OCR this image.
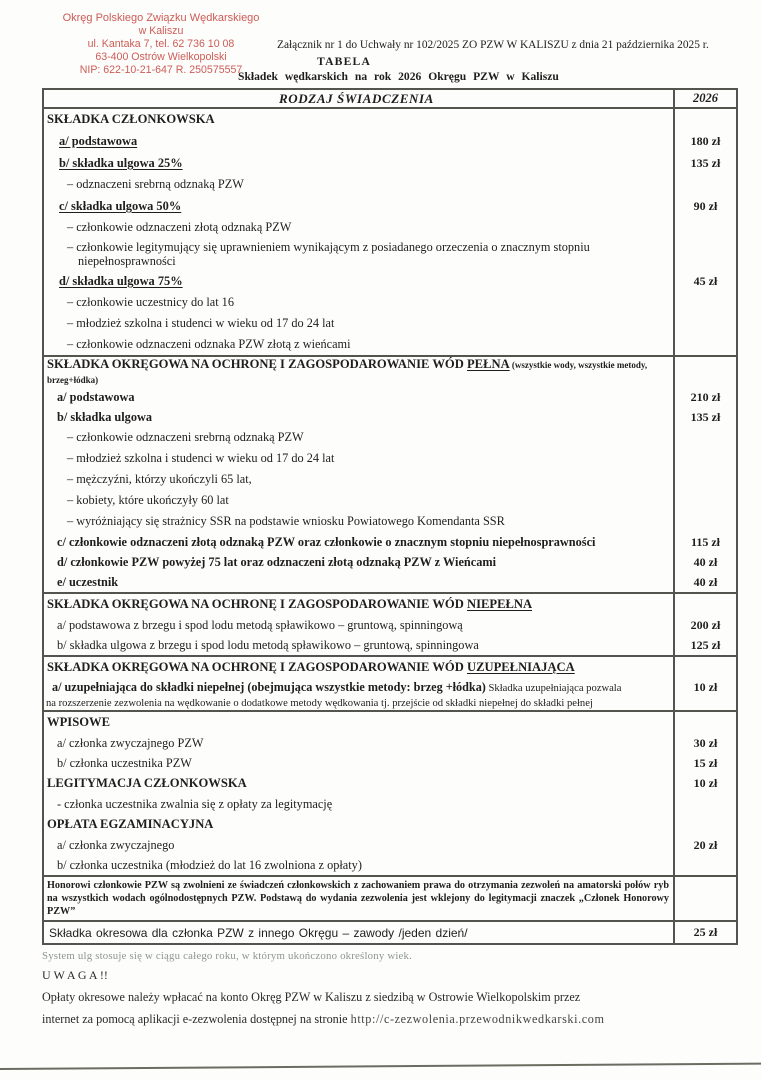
Okręg Polskiego Związku Wędkarskiego
w Kaliszu
ul. Kantaka 7, tel. 62 736 10 08
63-400 Ostrów Wielkopolski
NIP: 622-10-21-647 R. 250575557
Załącznik nr 1 do Uchwały nr 102/2025 ZO PZW W KALISZU z dnia 21 października 2025 r.
TABELA
Składek wędkarskich na rok 2026 Okręgu PZW w Kaliszu
RODZAJ ŚWIADCZENIA	2026
SKŁADKA CZŁONKOWSKA
a/ podstawowa	180 zł
b/ składka ulgowa 25%	135 zł
– odznaczeni srebrną odznaką PZW
c/ składka ulgowa 50%	90 zł
– członkowie odznaczeni złotą odznaką PZW
– członkowie legitymujący się uprawnieniem wynikającym z posiadanego orzeczenia o znacznym stopniu niepełnosprawności
d/ składka ulgowa 75%	45 zł
– członkowie uczestnicy do lat 16
– młodzież szkolna i studenci w wieku od 17 do 24 lat
– członkowie odznaczeni odznaka PZW złotą z wieńcami
SKŁADKA OKRĘGOWA NA OCHRONĘ I ZAGOSPODAROWANIE WÓD PEŁNA (wszystkie wody, wszystkie metody, brzeg+łódka)
a/ podstawowa	210 zł
b/ składka ulgowa	135 zł
– członkowie odznaczeni srebrną odznaką PZW
– młodzież szkolna i studenci w wieku od 17 do 24 lat
– mężczyźni, którzy ukończyli 65 lat,
– kobiety, które ukończyły 60 lat
– wyróżniający się strażnicy SSR na podstawie wniosku Powiatowego Komendanta SSR
c/ członkowie odznaczeni złotą odznaką PZW oraz członkowie o znacznym stopniu niepełnosprawności	115 zł
d/ członkowie PZW powyżej 75 lat oraz odznaczeni złotą odznaką PZW z Wieńcami	40 zł
e/ uczestnik	40 zł
SKŁADKA OKRĘGOWA NA OCHRONĘ I ZAGOSPODAROWANIE WÓD NIEPEŁNA
a/ podstawowa z brzegu i spod lodu metodą spławikowo – gruntową, spinningową	200 zł
b/ składka ulgowa z brzegu i spod lodu metodą spławikowo – gruntową, spinningowa	125 zł
SKŁADKA OKRĘGOWA NA OCHRONĘ I ZAGOSPODAROWANIE WÓD UZUPEŁNIAJĄCA
a/ uzupełniająca do składki niepełnej (obejmująca wszystkie metody: brzeg +łódka) Składka uzupełniająca pozwala	10 zł
na rozszerzenie zezwolenia na wędkowanie o dodatkowe metody wędkowania tj. przejście od składki niepełnej do składki pełnej
WPISOWE
a/ członka zwyczajnego PZW	30 zł
b/ członka uczestnika PZW	15 zł
LEGITYMACJA CZŁONKOWSKA	10 zł
- członka uczestnika zwalnia się z opłaty za legitymację
OPŁATA EGZAMINACYJNA
a/ członka zwyczajnego	20 zł
b/ członka uczestnika (młodzież do lat 16 zwolniona z opłaty)
Honorowi członkowie PZW są zwolnieni ze świadczeń członkowskich z zachowaniem prawa do otrzymania zezwoleń na amatorski połów ryb na wszystkich wodach ogólnodostępnych PZW. Podstawą do wydania zezwolenia jest wklejony do legitymacji znaczek „Członek Honorowy PZW”
Składka okresowa dla członka PZW z innego Okręgu – zawody /jeden dzień/	25 zł
System ulg stosuje się w ciągu całego roku, w którym ukończono określony wiek.
U W A G A !!
Opłaty okresowe należy wpłacać na konto Okręg PZW w Kaliszu z siedzibą w Ostrowie Wielkopolskim przez
internet za pomocą aplikacji e-zezwolenia dostępnej na stronie http://c-zezwolenia.przewodnikwedkarski.com
